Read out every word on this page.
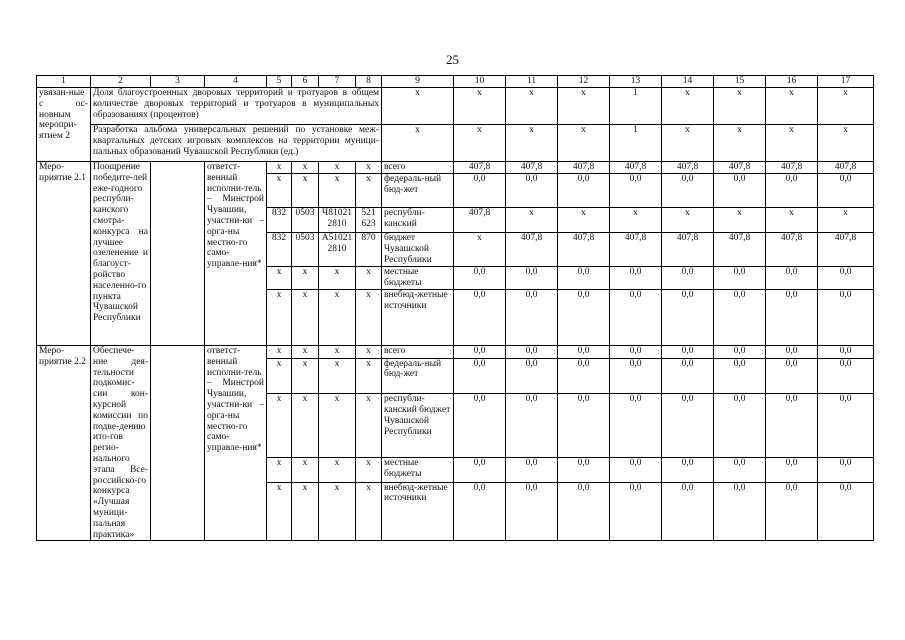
25
1	2	3	4	5	6	7	8	9	10	11	12	13	14	15	16	17
увязан-ные с ос-новным меропри-ятием 2	Доля благоустроенных дворовых территорий и тротуаров в общем количестве дворовых территорий и тротуаров в муниципальных образованиях (процентов)							x	x	x	x	1	x	x	x	x
	Разработка альбома универсальных решений по установке меж-квартальных детских игровых комплексов на территории муници-пальных образований Чувашской Республики (ед.)							x	x	x	x	1	x	x	x	x
Меро-приятие 2.1	Поощрение победите-лей еже-годного республи-канского смотра-конкурса на лучшее озеленение и благоуст-ройство населенно-го пункта Чувашской Республики		ответст-венный исполни-тель – Минстрой Чувашии, участни-ки – орга-ны местно-го само-управле-ния*	x	x	x	x	всего	407,8	407,8	407,8	407,8	407,8	407,8	407,8	407,8
				x	x	x	x	федераль-ный бюд-жет	0,0	0,0	0,0	0,0	0,0	0,0	0,0	0,0
				832	0503	Ч81021 2810	521 623	республи-канский	407,8	x	x	x	x	x	x	x
				832	0503	А51021 2810	870	бюджет Чувашской Республики	x	407,8	407,8	407,8	407,8	407,8	407,8	407,8
				x	x	x	x	местные бюджеты	0,0	0,0	0,0	0,0	0,0	0,0	0,0	0,0
				x	x	x	x	внебюд-жетные источники	0,0	0,0	0,0	0,0	0,0	0,0	0,0	0,0
Меро-приятие 2.2	Обеспече-ние дея-тельности подкомис-сии кон-курсной комиссии по подве-дению ито-гов регио-нального этапа Все-российско-го конкурса «Лучшая муници-пальная практика»		ответст-венный исполни-тель – Минстрой Чувашии, участни-ки – орга-ны местно-го само-управле-ния*	x	x	x	x	всего	0,0	0,0	0,0	0,0	0,0	0,0	0,0	0,0
				x	x	x	x	федераль-ный бюд-жет	0,0	0,0	0,0	0,0	0,0	0,0	0,0	0,0
				x	x	x	x	республи-канский бюджет Чувашской Республики	0,0	0,0	0,0	0,0	0,0	0,0	0,0	0,0
				x	x	x	x	местные бюджеты	0,0	0,0	0,0	0,0	0,0	0,0	0,0	0,0
				x	x	x	x	внебюд-жетные источники	0,0	0,0	0,0	0,0	0,0	0,0	0,0	0,0
